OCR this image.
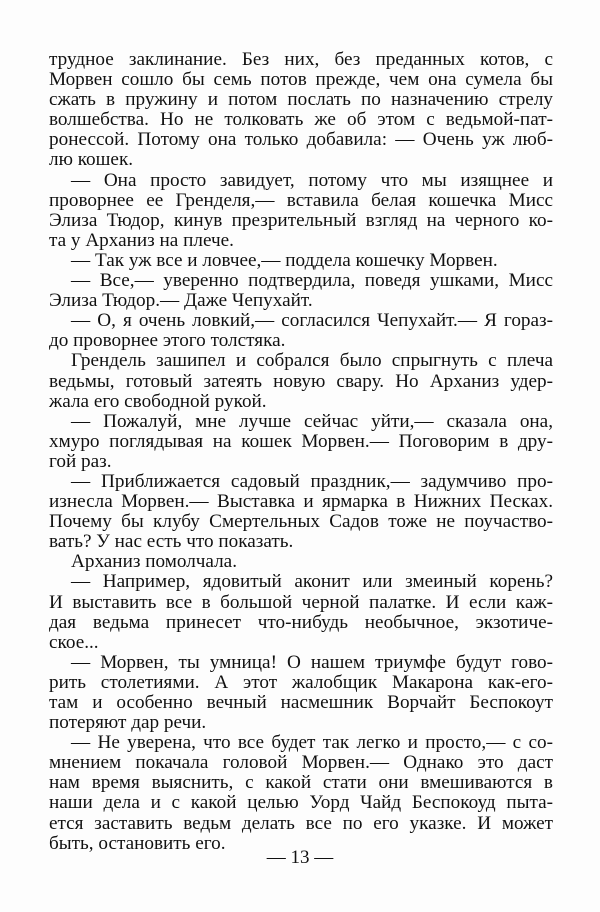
трудное заклинание. Без них, без преданных котов, с
Морвен сошло бы семь потов прежде, чем она сумела бы
сжать в пружину и потом послать по назначению стрелу
волшебства. Но не толковать же об этом с ведьмой-пат-
ронессой. Потому она только добавила: — Очень уж люб-
лю кошек.
— Она просто завидует, потому что мы изящнее и
проворнее ее Гренделя,— вставила белая кошечка Мисс
Элиза Тюдор, кинув презрительный взгляд на черного ко-
та у Арханиз на плече.
— Так уж все и ловчее,— поддела кошечку Морвен.
— Все,— уверенно подтвердила, поведя ушками, Мисс
Элиза Тюдор.— Даже Чепухайт.
— О, я очень ловкий,— согласился Чепухайт.— Я гораз-
до проворнее этого толстяка.
Грендель зашипел и собрался было спрыгнуть с плеча
ведьмы, готовый затеять новую свару. Но Арханиз удер-
жала его свободной рукой.
— Пожалуй, мне лучше сейчас уйти,— сказала она,
хмуро поглядывая на кошек Морвен.— Поговорим в дру-
гой раз.
— Приближается садовый праздник,— задумчиво про-
изнесла Морвен.— Выставка и ярмарка в Нижних Песках.
Почему бы клубу Смертельных Садов тоже не поучаство-
вать? У нас есть что показать.
Арханиз помолчала.
— Например, ядовитый аконит или змеиный корень?
И выставить все в большой черной палатке. И если каж-
дая ведьма принесет что-нибудь необычное, экзотиче-
ское...
— Морвен, ты умница! О нашем триумфе будут гово-
рить столетиями. А этот жалобщик Макарона как-его-
там и особенно вечный насмешник Ворчайт Беспокоут
потеряют дар речи.
— Не уверена, что все будет так легко и просто,— с со-
мнением покачала головой Морвен.— Однако это даст
нам время выяснить, с какой стати они вмешиваются в
наши дела и с какой целью Уорд Чайд Беспокоуд пыта-
ется заставить ведьм делать все по его указке. И может
быть, остановить его.
— 13 —
